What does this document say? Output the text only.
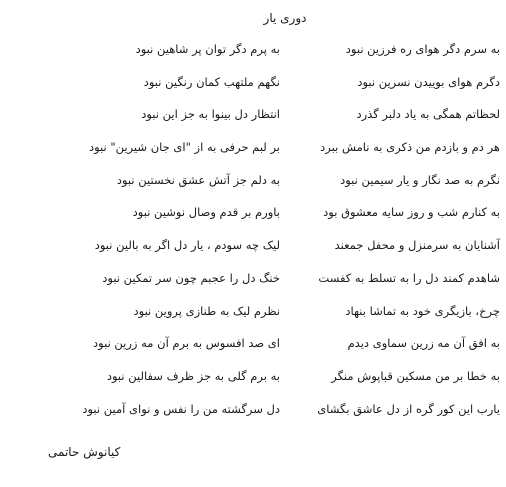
دوری یار
به سرم دگر هوای ره فرزین نبود
به پرم دگر توان پر شاهین نبود
دگرم هوای بوییدن نسرین نبود
نگهم ملتهب کمان رنگین نبود
لحظاتم همگی به یاد دلبر گذرد
انتظار دل بینوا به جز این نبود
هر دم و بازدم من ذکری به نامش ببرد
بر لبم حرفی به از "ای جان شیرین" نبود
نگرم به صد نگار و یار سیمین نبود
به دلم جز آتش عشق نخستین نبود
به کنارم شب و روز سایه معشوق بود
باورم بر قدم وصال نوشین نبود
آشنایان به سرمنزل و محفل جمعند
لیک چه سودم ، یار دل اگر به بالین نبود
شاهدم کمند دل را به تسلط به کفست
خنگ دل را عجبم چون سر تمکین نبود
چرخ، بازیگری خود به تماشا بنهاد
نظرم لیک به طنازی پروین نبود
به افق آن مه زرین سماوی دیدم
ای صد افسوس به برم آن مه زرین نبود
به خطا بر من مسکین قباپوش منگر
به برم گلی به جز ظرف سفالین نبود
یارب این کور گره از دل عاشق بگشای
دل سرگشته من را نفس و نوای آمین نبود
کیانوش حاتمی
